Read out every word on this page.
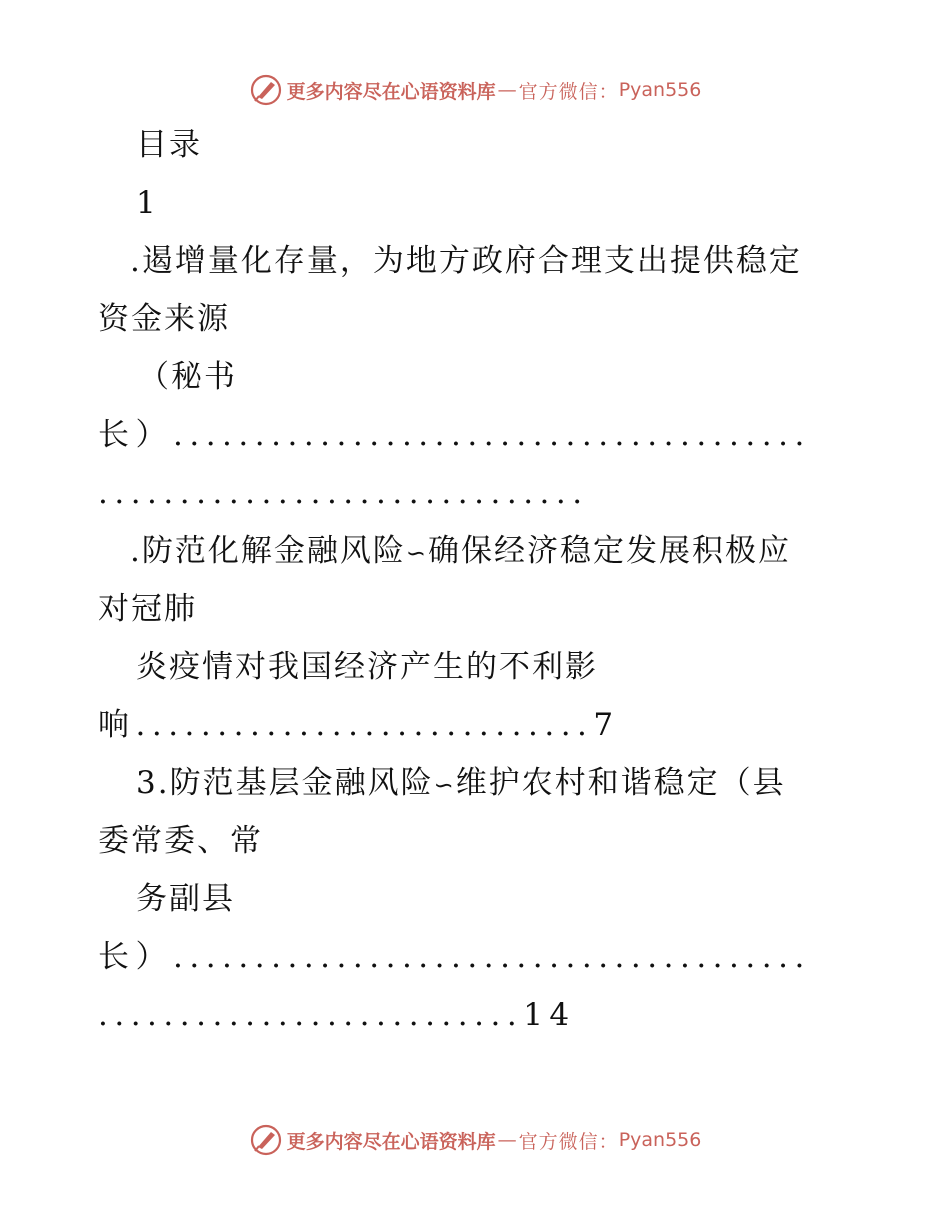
更多内容尽在心语资料库 — 官方微信： Pyan556
目录
1
.遏增量化存量，为地方政府合理支出提供稳定
资金来源
（秘书
长）.......................................
..............................
.防范化解金融风险∽确保经济稳定发展积极应
对冠肺
炎疫情对我国经济产生的不利影
响............................7
3.防范基层金融风险∽维护农村和谐稳定（县
委常委、常
务副县
长）.......................................
..........................14
更多内容尽在心语资料库 — 官方微信： Pyan556
